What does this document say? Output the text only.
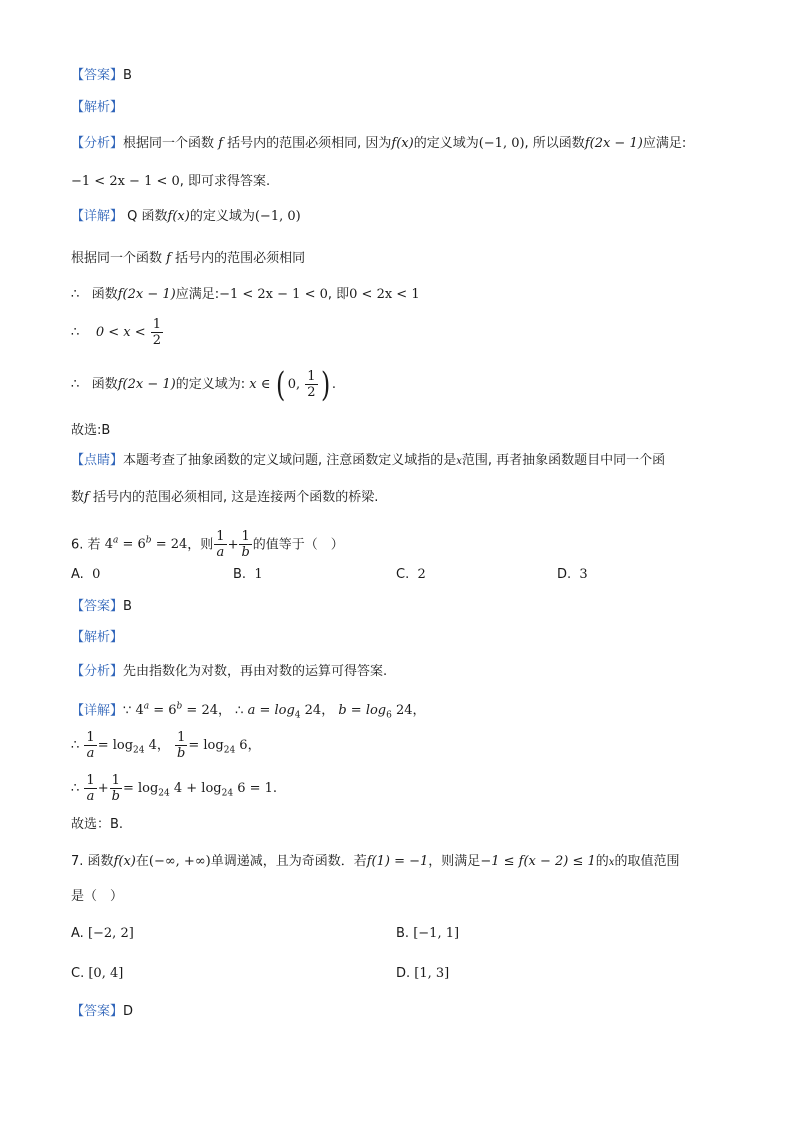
【答案】B
【解析】
【分析】根据同一个函数 f 括号内的范围必须相同, 因为f(x)的定义域为(−1, 0), 所以函数f(2x − 1)应满足:
−1 < 2x − 1 < 0, 即可求得答案.
【详解】 Q 函数f(x)的定义域为(−1, 0)
根据同一个函数 f 括号内的范围必须相同
∴ 函数f(2x − 1)应满足:−1 < 2x − 1 < 0, 即0 < 2x < 1
∴ $0 < x < \frac{1}{2}$
∴ 函数f(2x − 1)的定义域为: x ∈ ( 0, $\frac{1}{2}$ ) .
故选:B
【点睛】本题考查了抽象函数的定义域问题, 注意函数定义域指的是x范围, 再者抽象函数题目中同一个函
数f 括号内的范围必须相同, 这是连接两个函数的桥梁.
6. 若 $4^a = 6^b = 24$，则 $\frac{1}{a} + \frac{1}{b}$ 的值等于（　）
A. 0	B. 1	C. 2	D. 3
【答案】B
【解析】
【分析】先由指数化为对数，再由对数的运算可得答案.
【详解】∵ $4^a = 6^b = 24$， ∴ $a = \log_4 24$， $b = \log_6 24$，
∴ $\frac{1}{a} = \log_{24} 4$， $\frac{1}{b} = \log_{24} 6$，
∴ $\frac{1}{a} + \frac{1}{b} = \log_{24} 4 + \log_{24} 6 = 1$.
故选：B.
7. 函数f(x)在(−∞, +∞)单调递减，且为奇函数．若f(1) = −1，则满足−1 ≤ f(x − 2) ≤ 1的x的取值范围
是（　）
A. [−2, 2]	B. [−1, 1]
C. [0, 4]	D. [1, 3]
【答案】D
